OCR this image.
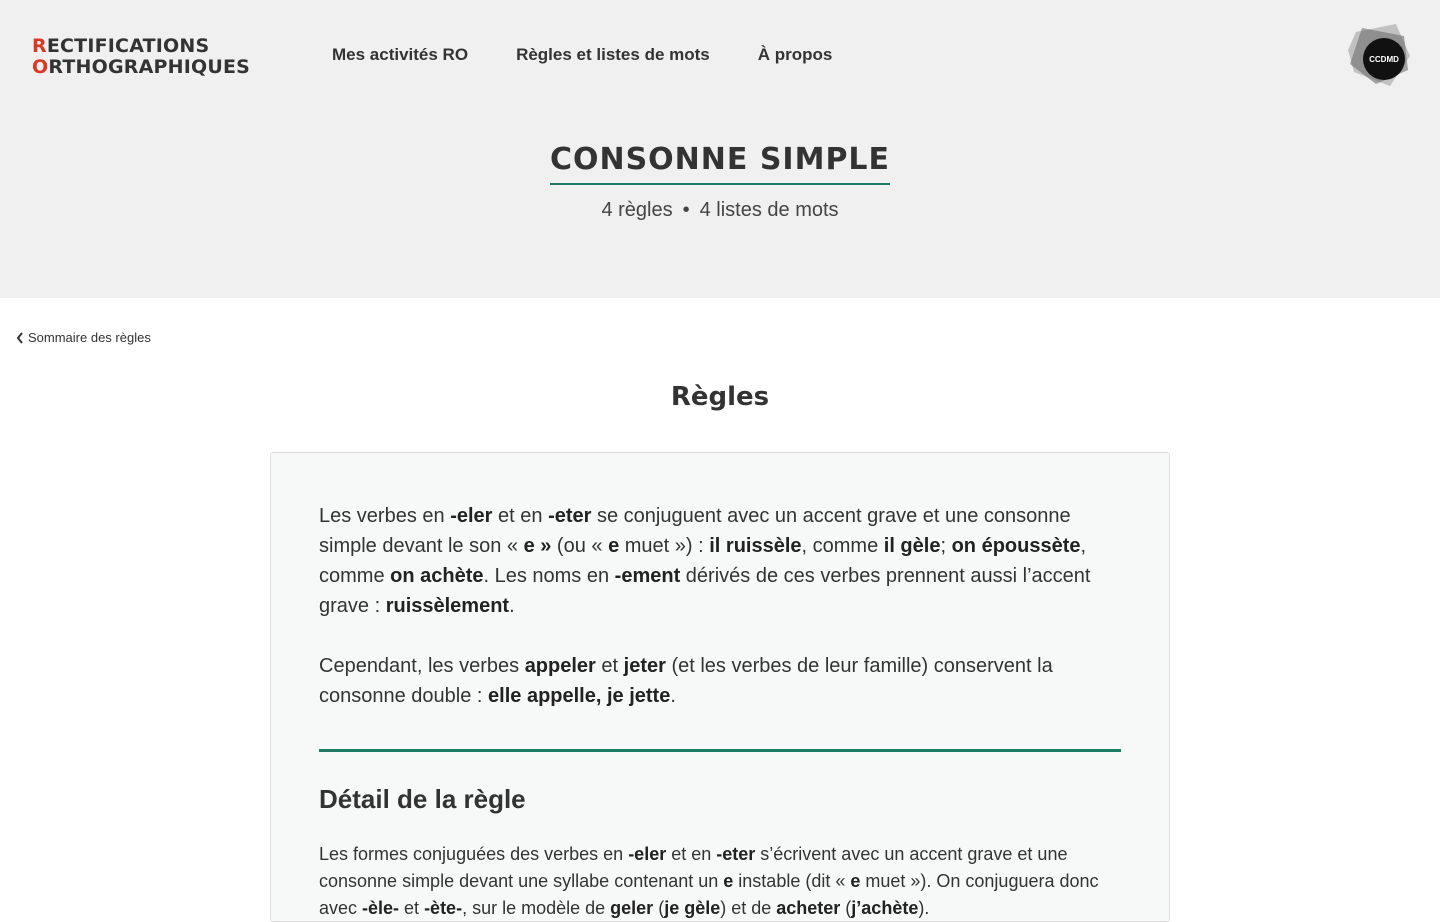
RECTIFICATIONS
ORTHOGRAPHIQUES
Mes activités RO	Règles et listes de mots	À propos	CCDMD
CONSONNE SIMPLE
4 règles • 4 listes de mots
Sommaire des règles
Règles

Les verbes en -eler et en -eter se conjuguent avec un accent grave et une consonne simple devant le son « e » (ou « e muet ») : il ruissèle, comme il gèle; on époussète, comme on achète. Les noms en -ement dérivés de ces verbes prennent aussi l’accent grave : ruissèlement.

Cependant, les verbes appeler et jeter (et les verbes de leur famille) conservent la consonne double : elle appelle, je jette.

Détail de la règle

Les formes conjuguées des verbes en -eler et en -eter s’écrivent avec un accent grave et une consonne simple devant une syllabe contenant un e instable (dit « e muet »). On conjuguera donc avec -èle- et -ète-, sur le modèle de geler (je gèle) et de acheter (j’achète).
